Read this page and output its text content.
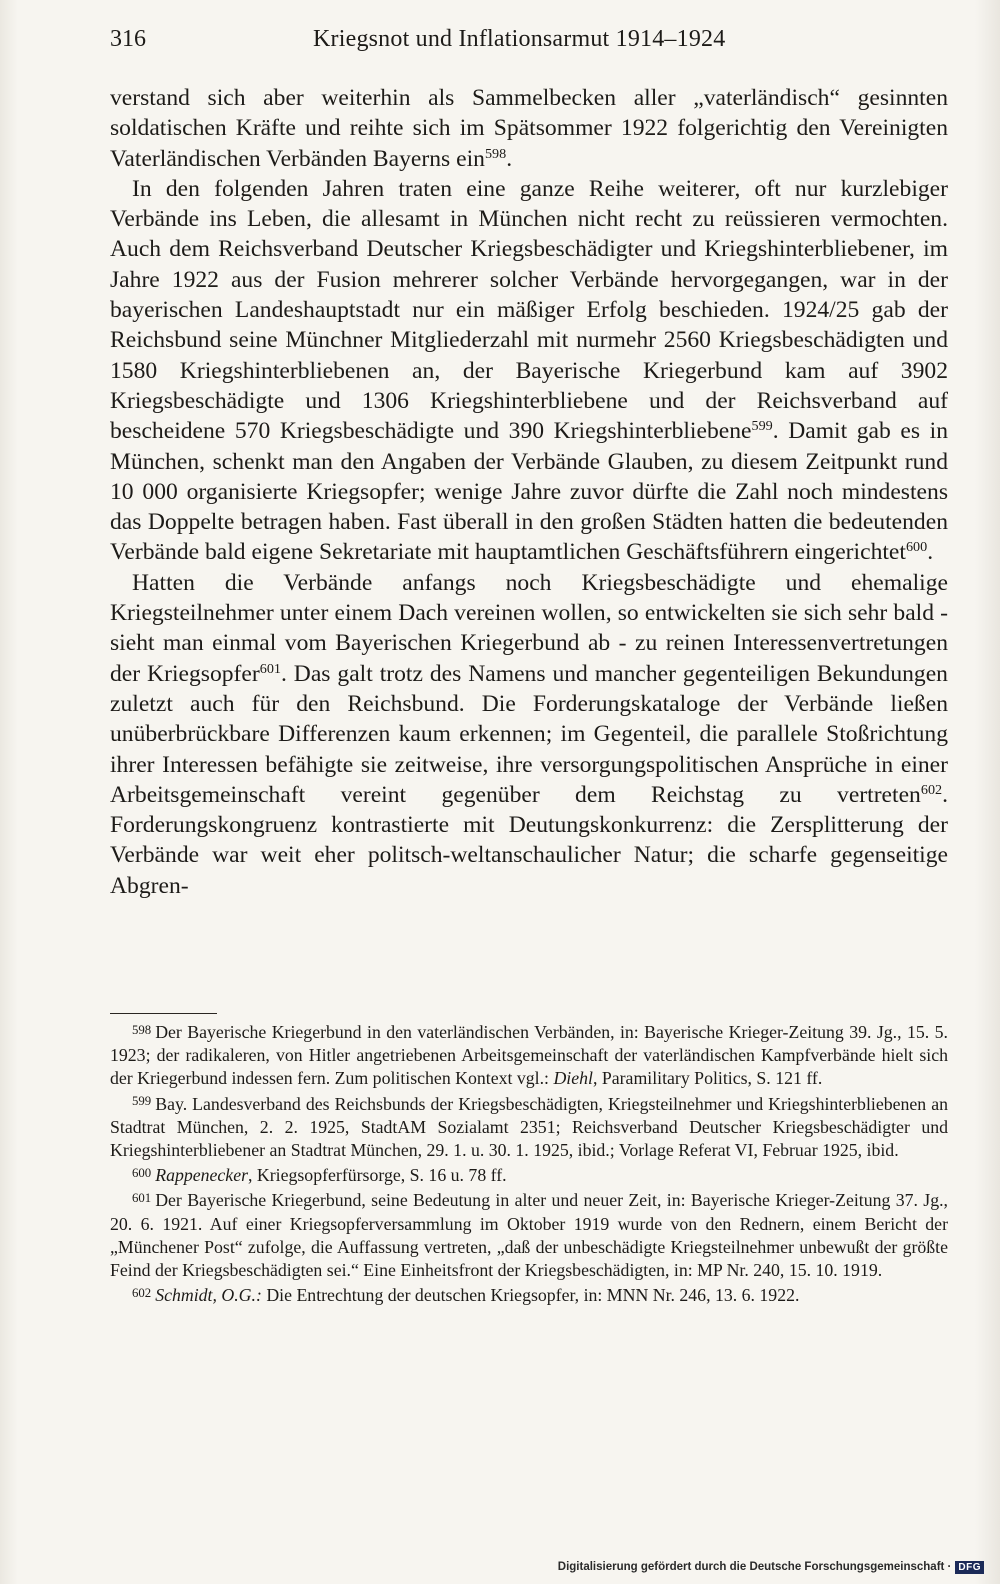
316	Kriegsnot und Inflationsarmut 1914–1924

verstand sich aber weiterhin als Sammelbecken aller „vaterländisch“ gesinnten soldatischen Kräfte und reihte sich im Spätsommer 1922 folgerichtig den Vereinigten Vaterländischen Verbänden Bayerns ein$^{598}$.

In den folgenden Jahren traten eine ganze Reihe weiterer, oft nur kurzlebiger Verbände ins Leben, die allesamt in München nicht recht zu reüssieren vermochten. Auch dem Reichsverband Deutscher Kriegsbeschädigter und Kriegshinterbliebener, im Jahre 1922 aus der Fusion mehrerer solcher Verbände hervorgegangen, war in der bayerischen Landeshauptstadt nur ein mäßiger Erfolg beschieden. 1924/25 gab der Reichsbund seine Münchner Mitgliederzahl mit nurmehr 2560 Kriegsbeschädigten und 1580 Kriegshinterbliebenen an, der Bayerische Kriegerbund kam auf 3902 Kriegsbeschädigte und 1306 Kriegshinterbliebene und der Reichsverband auf bescheidene 570 Kriegsbeschädigte und 390 Kriegshinterbliebene$^{599}$. Damit gab es in München, schenkt man den Angaben der Verbände Glauben, zu diesem Zeitpunkt rund 10 000 organisierte Kriegsopfer; wenige Jahre zuvor dürfte die Zahl noch mindestens das Doppelte betragen haben. Fast überall in den großen Städten hatten die bedeutenden Verbände bald eigene Sekretariate mit hauptamtlichen Geschäftsführern eingerichtet$^{600}$.

Hatten die Verbände anfangs noch Kriegsbeschädigte und ehemalige Kriegsteilnehmer unter einem Dach vereinen wollen, so entwickelten sie sich sehr bald - sieht man einmal vom Bayerischen Kriegerbund ab - zu reinen Interessenvertretungen der Kriegsopfer$^{601}$. Das galt trotz des Namens und mancher gegenteiligen Bekundungen zuletzt auch für den Reichsbund. Die Forderungskataloge der Verbände ließen unüberbrückbare Differenzen kaum erkennen; im Gegenteil, die parallele Stoßrichtung ihrer Interessen befähigte sie zeitweise, ihre versorgungspolitischen Ansprüche in einer Arbeitsgemeinschaft vereint gegenüber dem Reichstag zu vertreten$^{602}$. Forderungskongruenz kontrastierte mit Deutungskonkurrenz: die Zersplitterung der Verbände war weit eher politsch-weltanschaulicher Natur; die scharfe gegenseitige Abgren-

$^{598}$ Der Bayerische Kriegerbund in den vaterländischen Verbänden, in: Bayerische Krieger-Zeitung 39. Jg., 15. 5. 1923; der radikaleren, von Hitler angetriebenen Arbeitsgemeinschaft der vaterländischen Kampfverbände hielt sich der Kriegerbund indessen fern. Zum politischen Kontext vgl.: Diehl, Paramilitary Politics, S. 121 ff.

$^{599}$ Bay. Landesverband des Reichsbunds der Kriegsbeschädigten, Kriegsteilnehmer und Kriegshinterbliebenen an Stadtrat München, 2. 2. 1925, StadtAM Sozialamt 2351; Reichsverband Deutscher Kriegsbeschädigter und Kriegshinterbliebener an Stadtrat München, 29. 1. u. 30. 1. 1925, ibid.; Vorlage Referat VI, Februar 1925, ibid.

$^{600}$ Rappenecker, Kriegsopferfürsorge, S. 16 u. 78 ff.

$^{601}$ Der Bayerische Kriegerbund, seine Bedeutung in alter und neuer Zeit, in: Bayerische Krieger-Zeitung 37. Jg., 20. 6. 1921. Auf einer Kriegsopferversammlung im Oktober 1919 wurde von den Rednern, einem Bericht der „Münchener Post“ zufolge, die Auffassung vertreten, „daß der unbeschädigte Kriegsteilnehmer unbewußt der größte Feind der Kriegsbeschädigten sei.“ Eine Einheitsfront der Kriegsbeschädigten, in: MP Nr. 240, 15. 10. 1919.

$^{602}$ Schmidt, O.G.: Die Entrechtung der deutschen Kriegsopfer, in: MNN Nr. 246, 13. 6. 1922.

Digitalisierung gefördert durch die Deutsche Forschungsgemeinschaft · DFG
